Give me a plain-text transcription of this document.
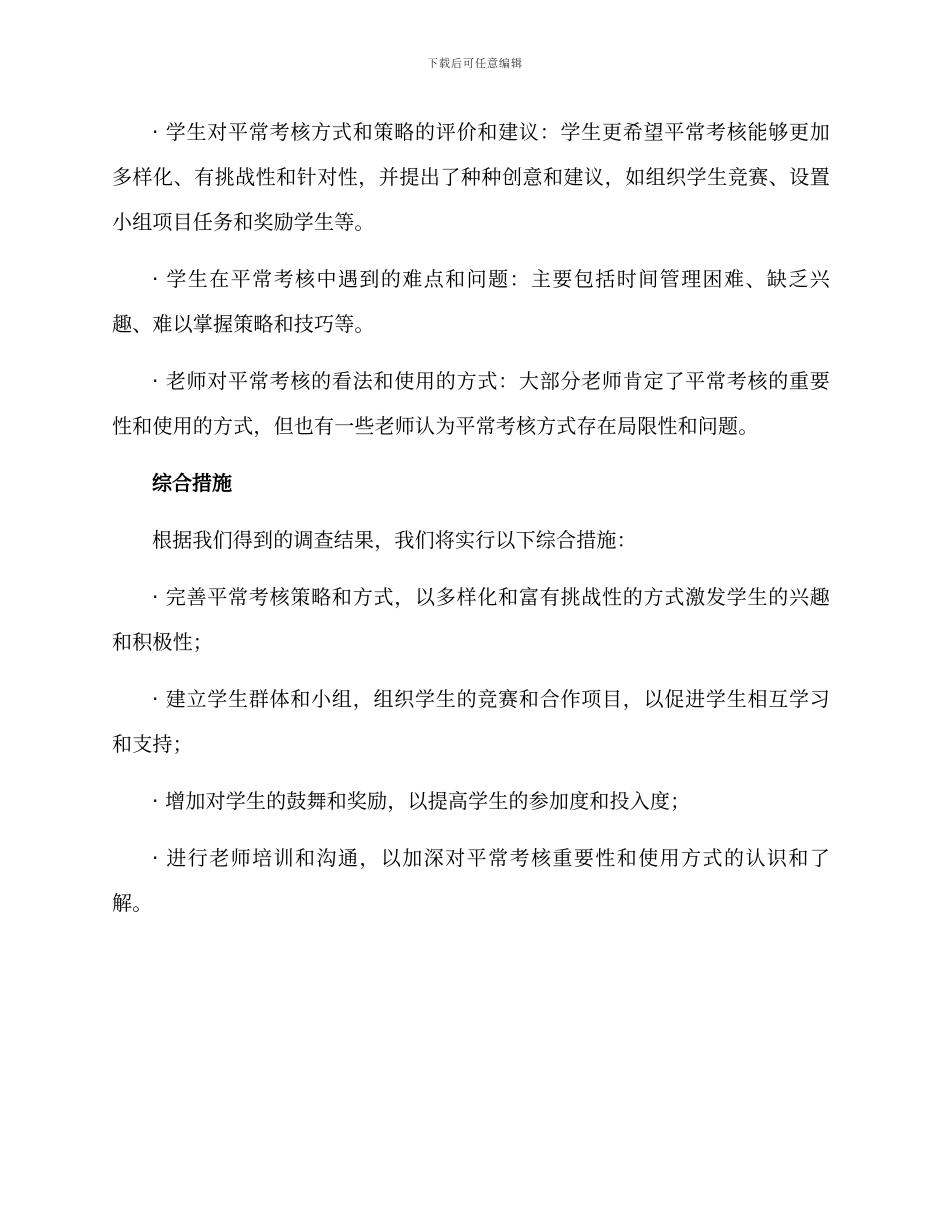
下载后可任意编辑

· 学生对平常考核方式和策略的评价和建议：学生更希望平常考核能够更加多样化、有挑战性和针对性，并提出了种种创意和建议，如组织学生竞赛、设置小组项目任务和奖励学生等。

· 学生在平常考核中遇到的难点和问题：主要包括时间管理困难、缺乏兴趣、难以掌握策略和技巧等。

· 老师对平常考核的看法和使用的方式：大部分老师肯定了平常考核的重要性和使用的方式，但也有一些老师认为平常考核方式存在局限性和问题。

综合措施

根据我们得到的调查结果，我们将实行以下综合措施：

· 完善平常考核策略和方式，以多样化和富有挑战性的方式激发学生的兴趣和积极性；

· 建立学生群体和小组，组织学生的竞赛和合作项目，以促进学生相互学习和支持；

· 增加对学生的鼓舞和奖励，以提高学生的参加度和投入度；

· 进行老师培训和沟通，以加深对平常考核重要性和使用方式的认识和了解。
